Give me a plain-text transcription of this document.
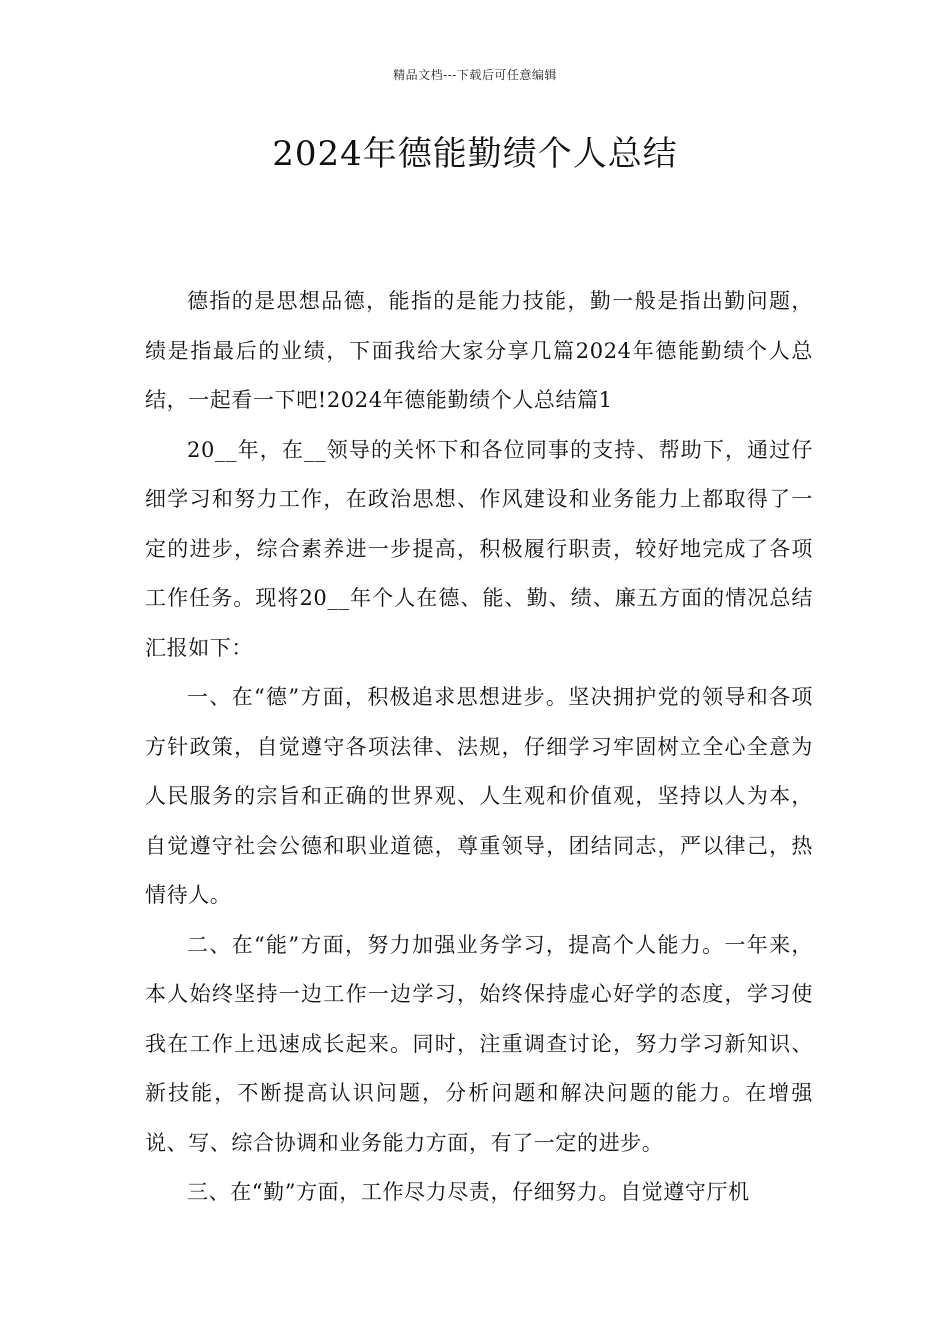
精品文档---下载后可任意编辑
2024年德能勤绩个人总结

德指的是思想品德，能指的是能力技能，勤一般是指出勤问题，绩是指最后的业绩，下面我给大家分享几篇2024年德能勤绩个人总结，一起看一下吧!2024年德能勤绩个人总结篇1

20__年，在__领导的关怀下和各位同事的支持、帮助下，通过仔细学习和努力工作，在政治思想、作风建设和业务能力上都取得了一定的进步，综合素养进一步提高，积极履行职责，较好地完成了各项工作任务。现将20__年个人在德、能、勤、绩、廉五方面的情况总结汇报如下：

一、在“德”方面，积极追求思想进步。坚决拥护党的领导和各项方针政策，自觉遵守各项法律、法规，仔细学习牢固树立全心全意为人民服务的宗旨和正确的世界观、人生观和价值观，坚持以人为本，自觉遵守社会公德和职业道德，尊重领导，团结同志，严以律己，热情待人。

二、在“能”方面，努力加强业务学习，提高个人能力。一年来，本人始终坚持一边工作一边学习，始终保持虚心好学的态度，学习使我在工作上迅速成长起来。同时，注重调查讨论，努力学习新知识、新技能，不断提高认识问题，分析问题和解决问题的能力。在增强说、写、综合协调和业务能力方面，有了一定的进步。

三、在“勤”方面，工作尽力尽责，仔细努力。自觉遵守厅机
